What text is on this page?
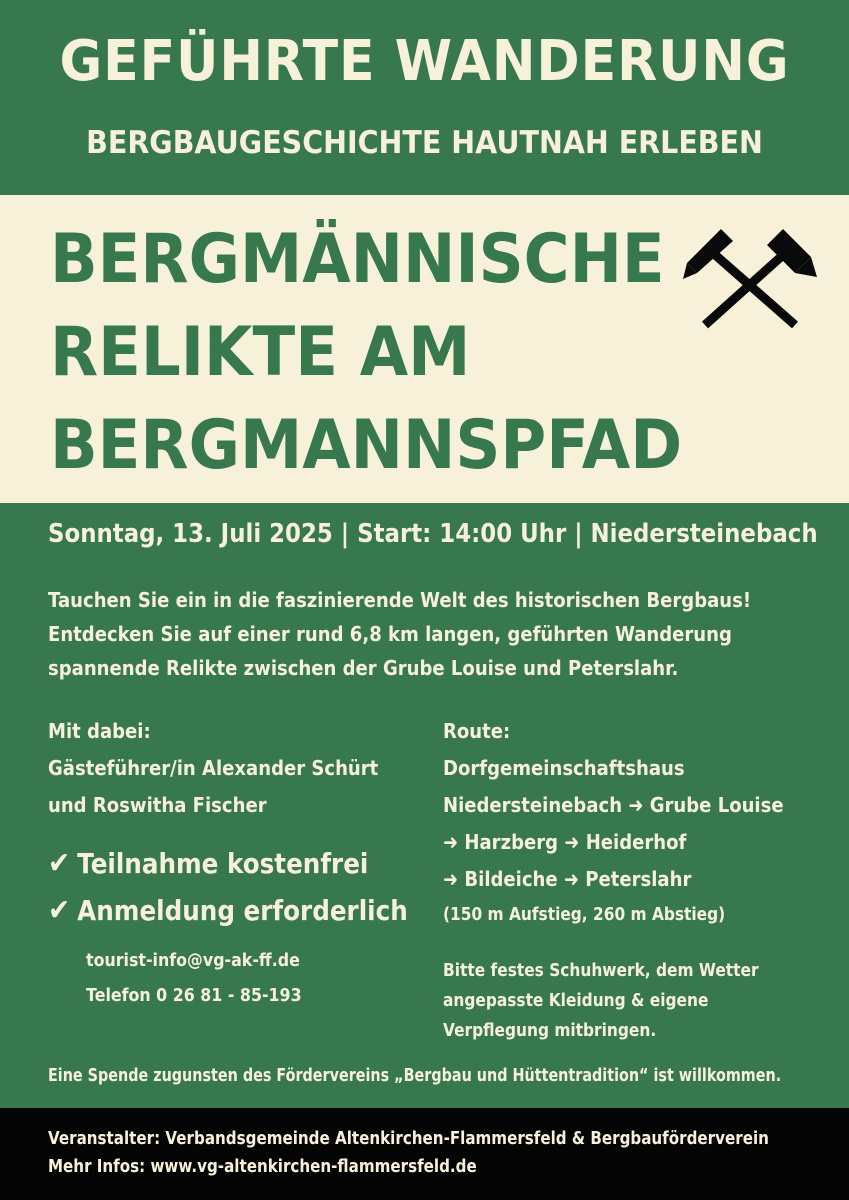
GEFÜHRTE WANDERUNG
BERGBAUGESCHICHTE HAUTNAH ERLEBEN
BERGMÄNNISCHE
RELIKTE AM
BERGMANNSPFAD
Sonntag, 13. Juli 2025 | Start: 14:00 Uhr | Niedersteinebach
Tauchen Sie ein in die faszinierende Welt des historischen Bergbaus!
Entdecken Sie auf einer rund 6,8 km langen, geführten Wanderung
spannende Relikte zwischen der Grube Louise und Peterslahr.
Mit dabei:
Gästeführer/in Alexander Schürt
und Roswitha Fischer
✔ Teilnahme kostenfrei
✔ Anmeldung erforderlich
tourist-info@vg-ak-ff.de
Telefon 0 26 81 - 85-193
Route:
Dorfgemeinschaftshaus
Niedersteinebach ➜ Grube Louise
➜ Harzberg ➜ Heiderhof
➜ Bildeiche ➜ Peterslahr
(150 m Aufstieg, 260 m Abstieg)
Bitte festes Schuhwerk, dem Wetter
angepasste Kleidung & eigene
Verpflegung mitbringen.
Eine Spende zugunsten des Fördervereins „Bergbau und Hüttentradition“ ist willkommen.
Veranstalter: Verbandsgemeinde Altenkirchen-Flammersfeld & Bergbauförderverein
Mehr Infos: www.vg-altenkirchen-flammersfeld.de
